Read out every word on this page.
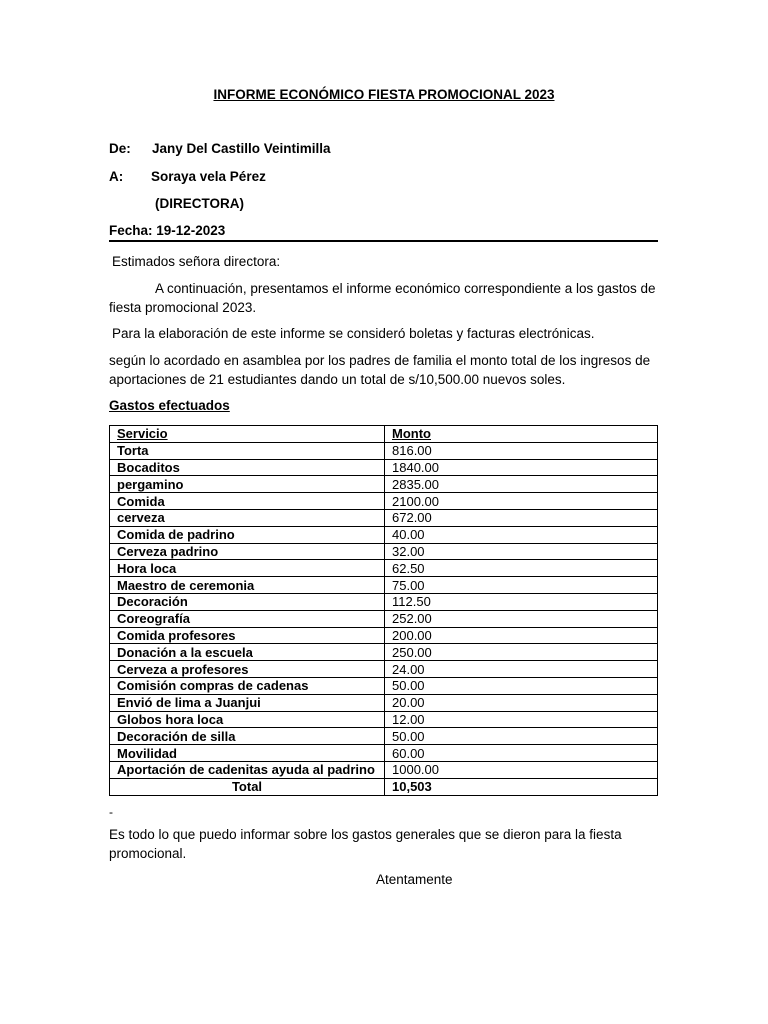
INFORME ECONÓMICO FIESTA PROMOCIONAL 2023
De: Jany Del Castillo Veintimilla
A: Soraya vela Pérez
(DIRECTORA)
Fecha: 19-12-2023
Estimados señora directora:
A continuación, presentamos el informe económico correspondiente a los gastos de
fiesta promocional 2023.
Para la elaboración de este informe se consideró boletas y facturas electrónicas.
según lo acordado en asamblea por los padres de familia el monto total de los ingresos de
aportaciones de 21 estudiantes dando un total de s/10,500.00 nuevos soles.
Gastos efectuados
Servicio	Monto
Torta	816.00
Bocaditos	1840.00
pergamino	2835.00
Comida	2100.00
cerveza	672.00
Comida de padrino	40.00
Cerveza padrino	32.00
Hora loca	62.50
Maestro de ceremonia	75.00
Decoración	112.50
Coreografía	252.00
Comida profesores	200.00
Donación a la escuela	250.00
Cerveza a profesores	24.00
Comisión compras de cadenas	50.00
Envió de lima a Juanjui	20.00
Globos hora loca	12.00
Decoración de silla	50.00
Movilidad	60.00
Aportación de cadenitas ayuda al padrino	1000.00
Total	10,503
-
Es todo lo que puedo informar sobre los gastos generales que se dieron para la fiesta
promocional.
Atentamente
